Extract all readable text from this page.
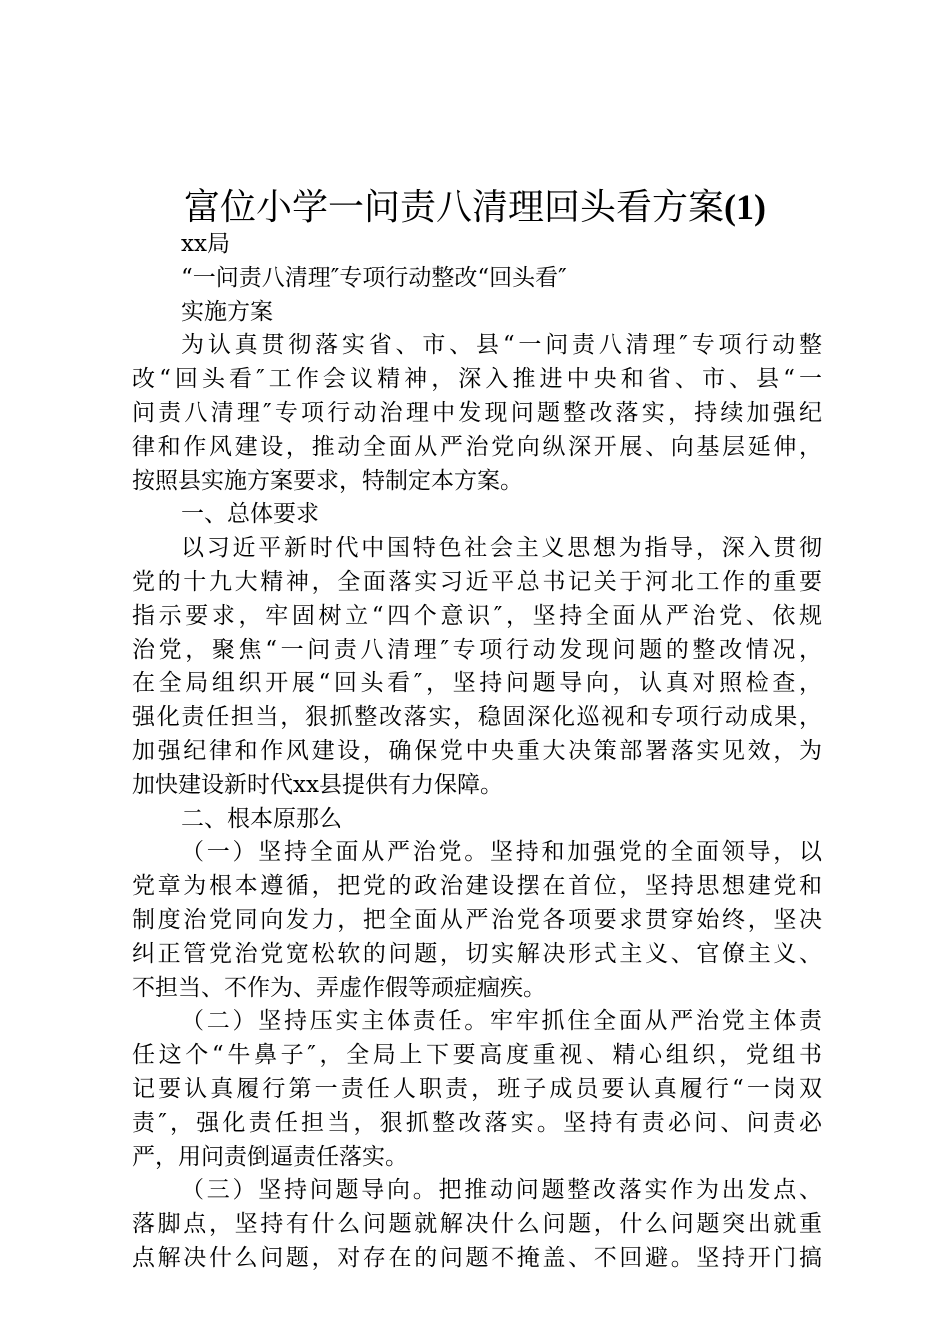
富位小学一问责八清理回头看方案(1)
xx局
“一问责八清理″专项行动整改“回头看″
实施方案
为认真贯彻落实省、市、县“一问责八清理″专项行动整
改“回头看″工作会议精神，深入推进中央和省、市、县“一
问责八清理″专项行动治理中发现问题整改落实，持续加强纪
律和作风建设，推动全面从严治党向纵深开展、向基层延伸，
按照县实施方案要求，特制定本方案。
一、总体要求
以习近平新时代中国特色社会主义思想为指导，深入贯彻
党的十九大精神，全面落实习近平总书记关于河北工作的重要
指示要求，牢固树立“四个意识″，坚持全面从严治党、依规
治党，聚焦“一问责八清理″专项行动发现问题的整改情况，
在全局组织开展“回头看″，坚持问题导向，认真对照检查，
强化责任担当，狠抓整改落实，稳固深化巡视和专项行动成果，
加强纪律和作风建设，确保党中央重大决策部署落实见效，为
加快建设新时代xx县提供有力保障。
二、根本原那么
（一）坚持全面从严治党。坚持和加强党的全面领导，以
党章为根本遵循，把党的政治建设摆在首位，坚持思想建党和
制度治党同向发力，把全面从严治党各项要求贯穿始终，坚决
纠正管党治党宽松软的问题，切实解决形式主义、官僚主义、
不担当、不作为、弄虚作假等顽症痼疾。
（二）坚持压实主体责任。牢牢抓住全面从严治党主体责
任这个“牛鼻子″，全局上下要高度重视、精心组织，党组书
记要认真履行第一责任人职责，班子成员要认真履行“一岗双
责″，强化责任担当，狠抓整改落实。坚持有责必问、问责必
严，用问责倒逼责任落实。
（三）坚持问题导向。把推动问题整改落实作为出发点、
落脚点，坚持有什么问题就解决什么问题，什么问题突出就重
点解决什么问题，对存在的问题不掩盖、不回避。坚持开门搞
